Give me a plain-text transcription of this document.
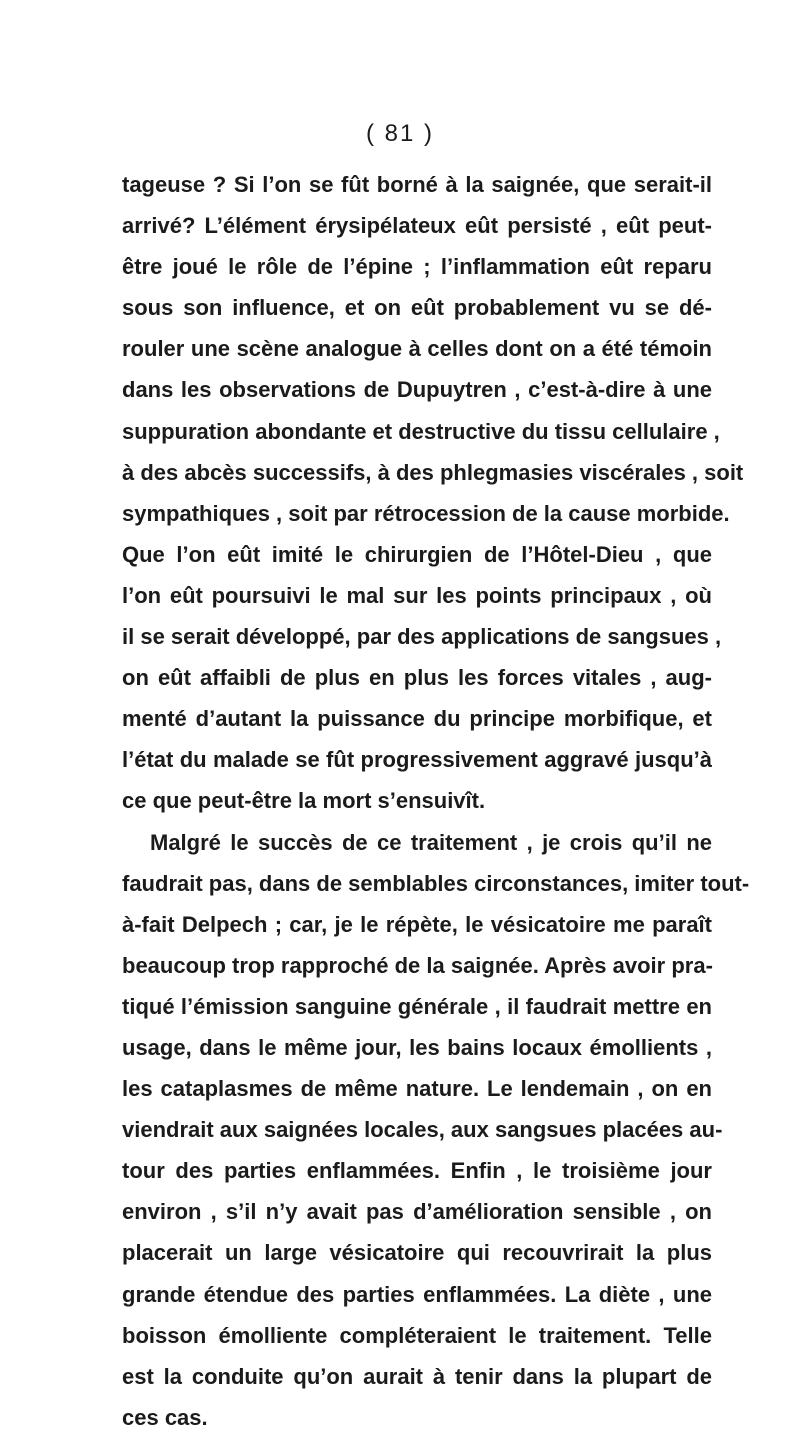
( 81 )
tageuse ? Si l’on se fût borné à la saignée, que serait-il
arrivé? L’élément érysipélateux eût persisté , eût peut-
être joué le rôle de l’épine ; l’inflammation eût reparu
sous son influence, et on eût probablement vu se dé-
rouler une scène analogue à celles dont on a été témoin
dans les observations de Dupuytren , c’est-à-dire à une
suppuration abondante et destructive du tissu cellulaire ,
à des abcès successifs, à des phlegmasies viscérales , soit
sympathiques , soit par rétrocession de la cause morbide.
Que l’on eût imité le chirurgien de l’Hôtel-Dieu , que
l’on eût poursuivi le mal sur les points principaux , où
il se serait développé, par des applications de sangsues ,
on eût affaibli de plus en plus les forces vitales , aug-
menté d’autant la puissance du principe morbifique, et
l’état du malade se fût progressivement aggravé jusqu’à
ce que peut-être la mort s’ensuivît.
Malgré le succès de ce traitement , je crois qu’il ne
faudrait pas, dans de semblables circonstances, imiter tout-
à-fait Delpech ; car, je le répète, le vésicatoire me paraît
beaucoup trop rapproché de la saignée. Après avoir pra-
tiqué l’émission sanguine générale , il faudrait mettre en
usage, dans le même jour, les bains locaux émollients ,
les cataplasmes de même nature. Le lendemain , on en
viendrait aux saignées locales, aux sangsues placées au-
tour des parties enflammées. Enfin , le troisième jour
environ , s’il n’y avait pas d’amélioration sensible , on
placerait un large vésicatoire qui recouvrirait la plus
grande étendue des parties enflammées. La diète , une
boisson émolliente compléteraient le traitement. Telle
est la conduite qu’on aurait à tenir dans la plupart de
ces cas.
